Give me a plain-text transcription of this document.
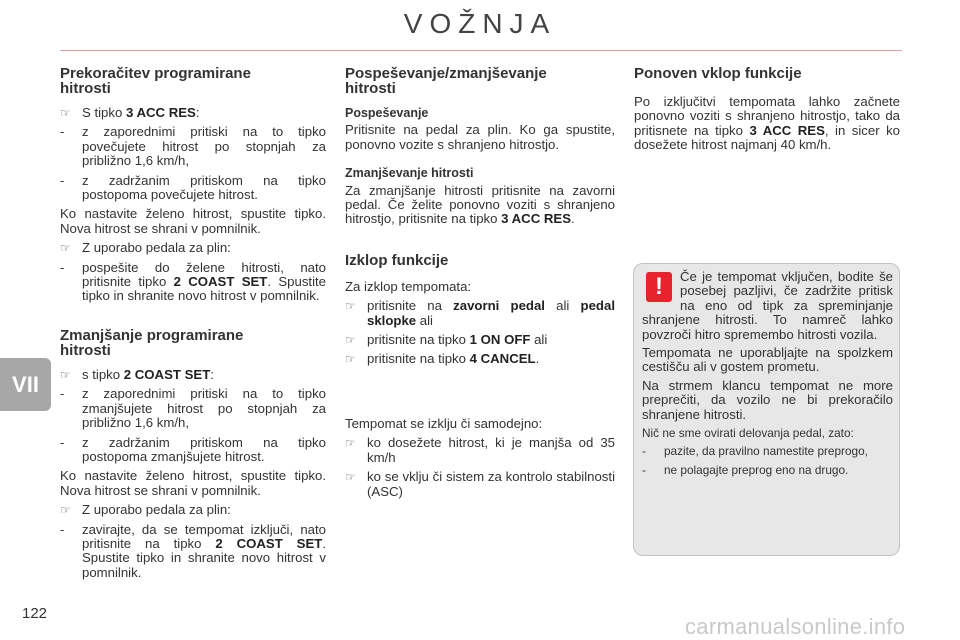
VOŽNJA
VII
122
carmanualsonline.info
Prekoračitev programirane
hitrosti
☞ S tipko 3 ACC RES:
- z zaporednimi pritiski na to tipko povečujete hitrost po stopnjah za približno 1,6 km/h,
- z zadržanim pritiskom na tipko postopoma povečujete hitrost.

Ko nastavite želeno hitrost, spustite tipko. Nova hitrost se shrani v pomnilnik.

☞ Z uporabo pedala za plin:
- pospešite do želene hitrosti, nato pritisnite tipko 2 COAST SET. Spustite tipko in shranite novo hitrost v pomnilnik.
Zmanjšanje programirane
hitrosti
☞ s tipko 2 COAST SET:
- z zaporednimi pritiski na to tipko zmanjšujete hitrost po stopnjah za približno 1,6 km/h,
- z zadržanim pritiskom na tipko postopoma zmanjšujete hitrost.

Ko nastavite želeno hitrost, spustite tipko. Nova hitrost se shrani v pomnilnik.

☞ Z uporabo pedala za plin:
- zavirajte, da se tempomat izključi, nato pritisnite na tipko 2 COAST SET. Spustite tipko in shranite novo hitrost v pomnilnik.
Pospeševanje/zmanjševanje
hitrosti
Pospeševanje

Pritisnite na pedal za plin. Ko ga spustite, ponovno vozite s shranjeno hitrostjo.

Zmanjševanje hitrosti

Za zmanjšanje hitrosti pritisnite na zavorni pedal. Če želite ponovno voziti s shranjeno hitrostjo, pritisnite na tipko 3 ACC RES.

Izklop funkcije

Za izklop tempomata:

☞ pritisnite na zavorni pedal ali pedal sklopke ali
☞ pritisnite na tipko 1 ON OFF ali
☞ pritisnite na tipko 4 CANCEL.

Tempomat se izklju či samodejno:

☞ ko dosežete hitrost, ki je manjša od 35 km/h
☞ ko se vklju či sistem za kontrolo stabilnosti (ASC)
Ponoven vklop funkcije

Po izključitvi tempomata lahko začnete ponovno voziti s shranjeno hitrostjo, tako da pritisnete na tipko 3 ACC RES, in sicer ko dosežete hitrost najmanj 40 km/h.

!	Če je tempomat vključen, bodite še posebej pazljivi, če zadržite pritisk na eno od tipk za spreminjanje shranjene hitrosti. To namreč lahko povzroči hitro spremembo hitrosti vozila.

Tempomata ne uporabljajte na spolzkem cestišču ali v gostem prometu.

Na strmem klancu tempomat ne more preprečiti, da vozilo ne bi prekoračilo shranjene hitrosti.

Nič ne sme ovirati delovanja pedal, zato:

- pazite, da pravilno namestite preprogo,
- ne polagajte preprog eno na drugo.
